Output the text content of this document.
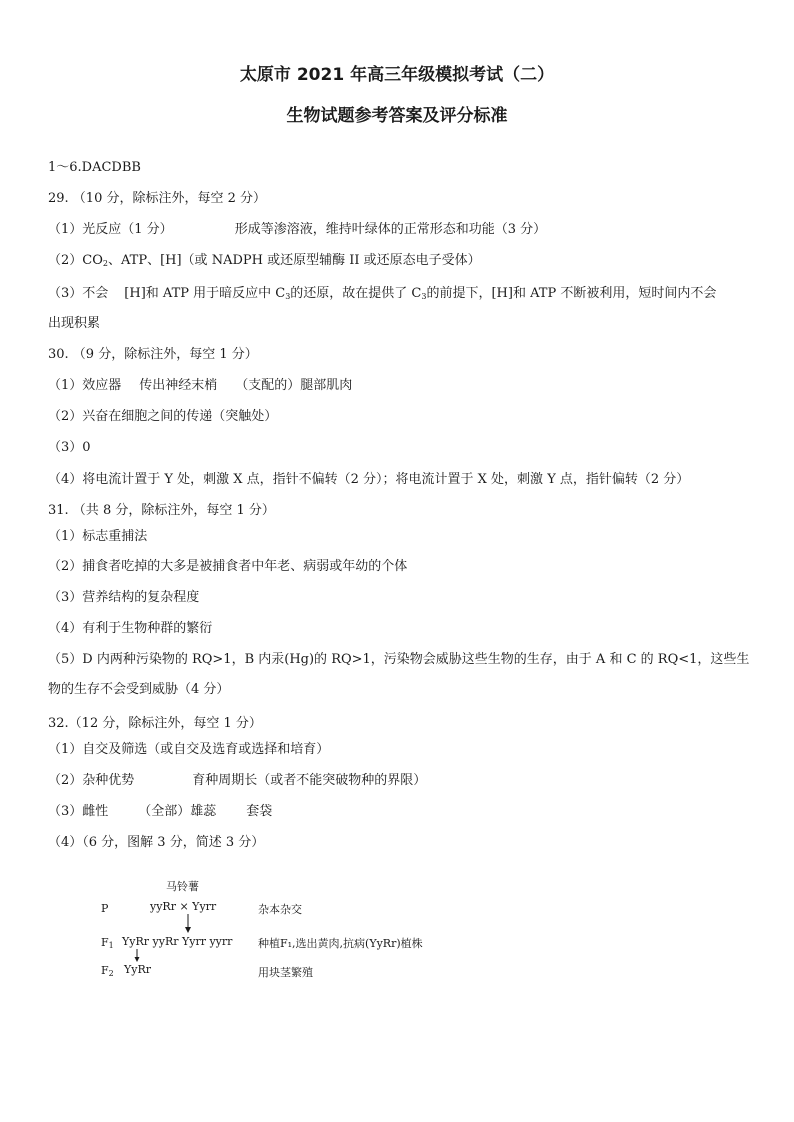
太原市 2021 年高三年级模拟考试（二）
生物试题参考答案及评分标准
1～6.DACDBB
29. （10 分，除标注外，每空 2 分）
（1）光反应（1 分）	形成等渗溶液，维持叶绿体的正常形态和功能（3 分）
$(2)CO_2$、ATP、[H]（或 NADPH 或还原型辅酶 II 或还原态电子受体）
（3）不会 [H]和 ATP 用于暗反应中 $C_3$的还原，故在提供了 $C_3$的前提下，[H]和 ATP 不断被利用，短时间内不会
出现积累
30. （9 分，除标注外，每空 1 分）
（1）效应器 传出神经末梢 （支配的）腿部肌肉
（2）兴奋在细胞之间的传递（突触处）
（3）0
（4）将电流计置于 Y 处，刺激 X 点，指针不偏转（2 分）；将电流计置于 X 处，刺激 Y 点，指针偏转（2 分）
31. （共 8 分，除标注外，每空 1 分）
（1）标志重捕法
（2）捕食者吃掉的大多是被捕食者中年老、病弱或年幼的个体
（3）营养结构的复杂程度
（4）有利于生物种群的繁衍
（5）D 内两种污染物的 RQ>1，B 内汞(Hg)的 RQ>1，污染物会威胁这些生物的生存，由于 A 和 C 的 RQ<1，这些生
物的生存不会受到威胁（4 分）
32.（12 分，除标注外，每空 1 分）
（1）自交及筛选（或自交及选育或选择和培育）
（2）杂种优势	育种周期长（或者不能突破物种的界限）
（3）雌性 （全部）雄蕊 套袋
（4）（6 分，图解 3 分，简述 3 分）
马铃薯
P	yyRr × Yyrr	杂本杂交
$F_1$ YyRr yyRr Yyrr yyrr 种植F₁,选出黄肉,抗病(YyRr)植株
$F_2$ YyRr	用块茎繁殖
